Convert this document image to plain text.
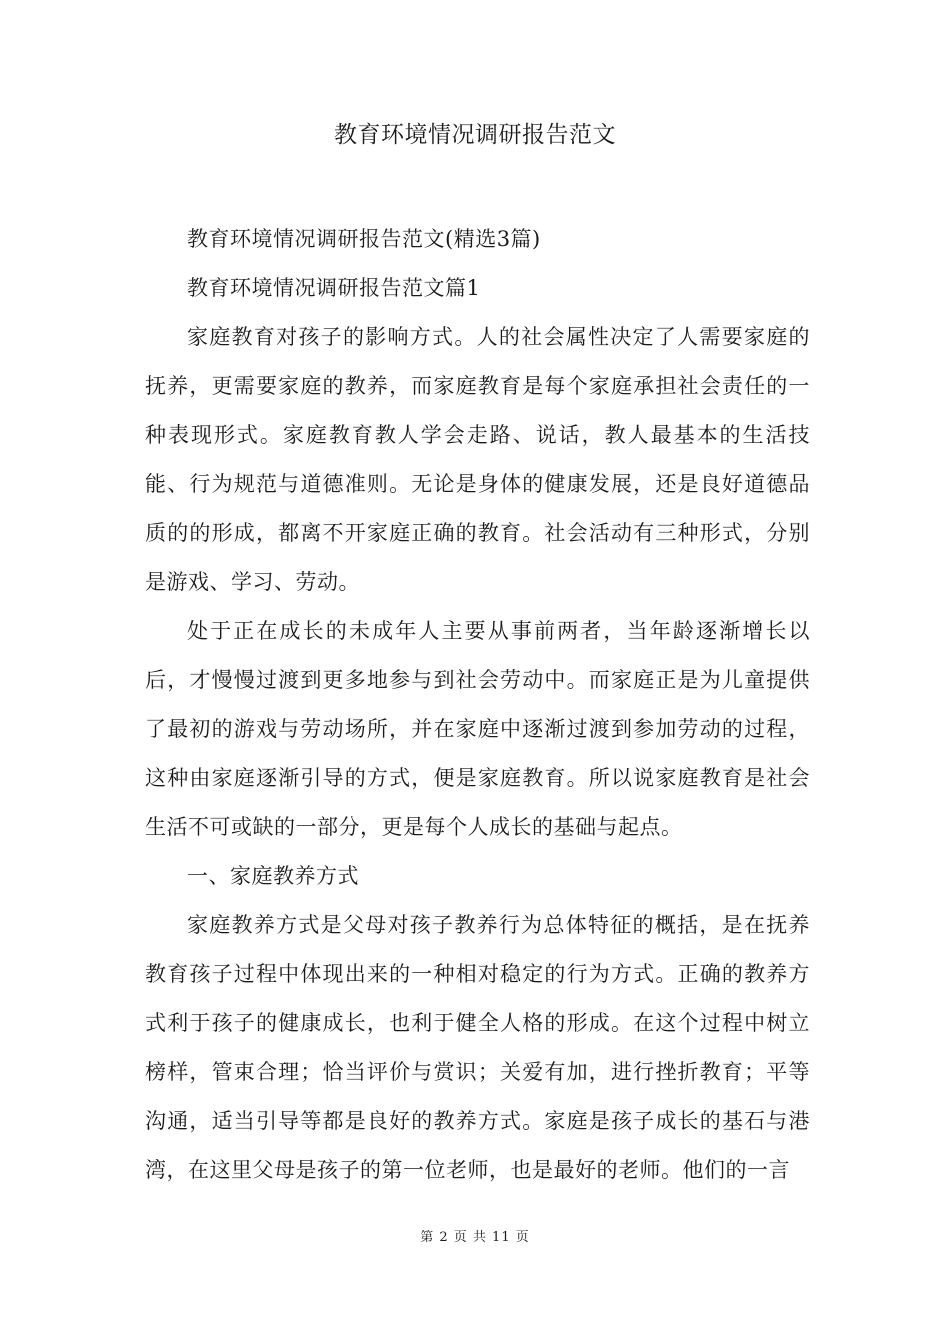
教育环境情况调研报告范文

教育环境情况调研报告范文(精选3篇)

教育环境情况调研报告范文篇1

家庭教育对孩子的影响方式。人的社会属性决定了人需要家庭的抚养，更需要家庭的教养，而家庭教育是每个家庭承担社会责任的一种表现形式。家庭教育教人学会走路、说话，教人最基本的生活技能、行为规范与道德准则。无论是身体的健康发展，还是良好道德品质的的形成，都离不开家庭正确的教育。社会活动有三种形式，分别是游戏、学习、劳动。

处于正在成长的未成年人主要从事前两者，当年龄逐渐增长以后，才慢慢过渡到更多地参与到社会劳动中。而家庭正是为儿童提供了最初的游戏与劳动场所，并在家庭中逐渐过渡到参加劳动的过程，这种由家庭逐渐引导的方式，便是家庭教育。所以说家庭教育是社会生活不可或缺的一部分，更是每个人成长的基础与起点。

一、家庭教养方式

家庭教养方式是父母对孩子教养行为总体特征的概括，是在抚养教育孩子过程中体现出来的一种相对稳定的行为方式。正确的教养方式利于孩子的健康成长，也利于健全人格的形成。在这个过程中树立榜样，管束合理；恰当评价与赏识；关爱有加，进行挫折教育；平等沟通，适当引导等都是良好的教养方式。家庭是孩子成长的基石与港湾，在这里父母是孩子的第一位老师，也是最好的老师。他们的一言

第 2 页 共 11 页
